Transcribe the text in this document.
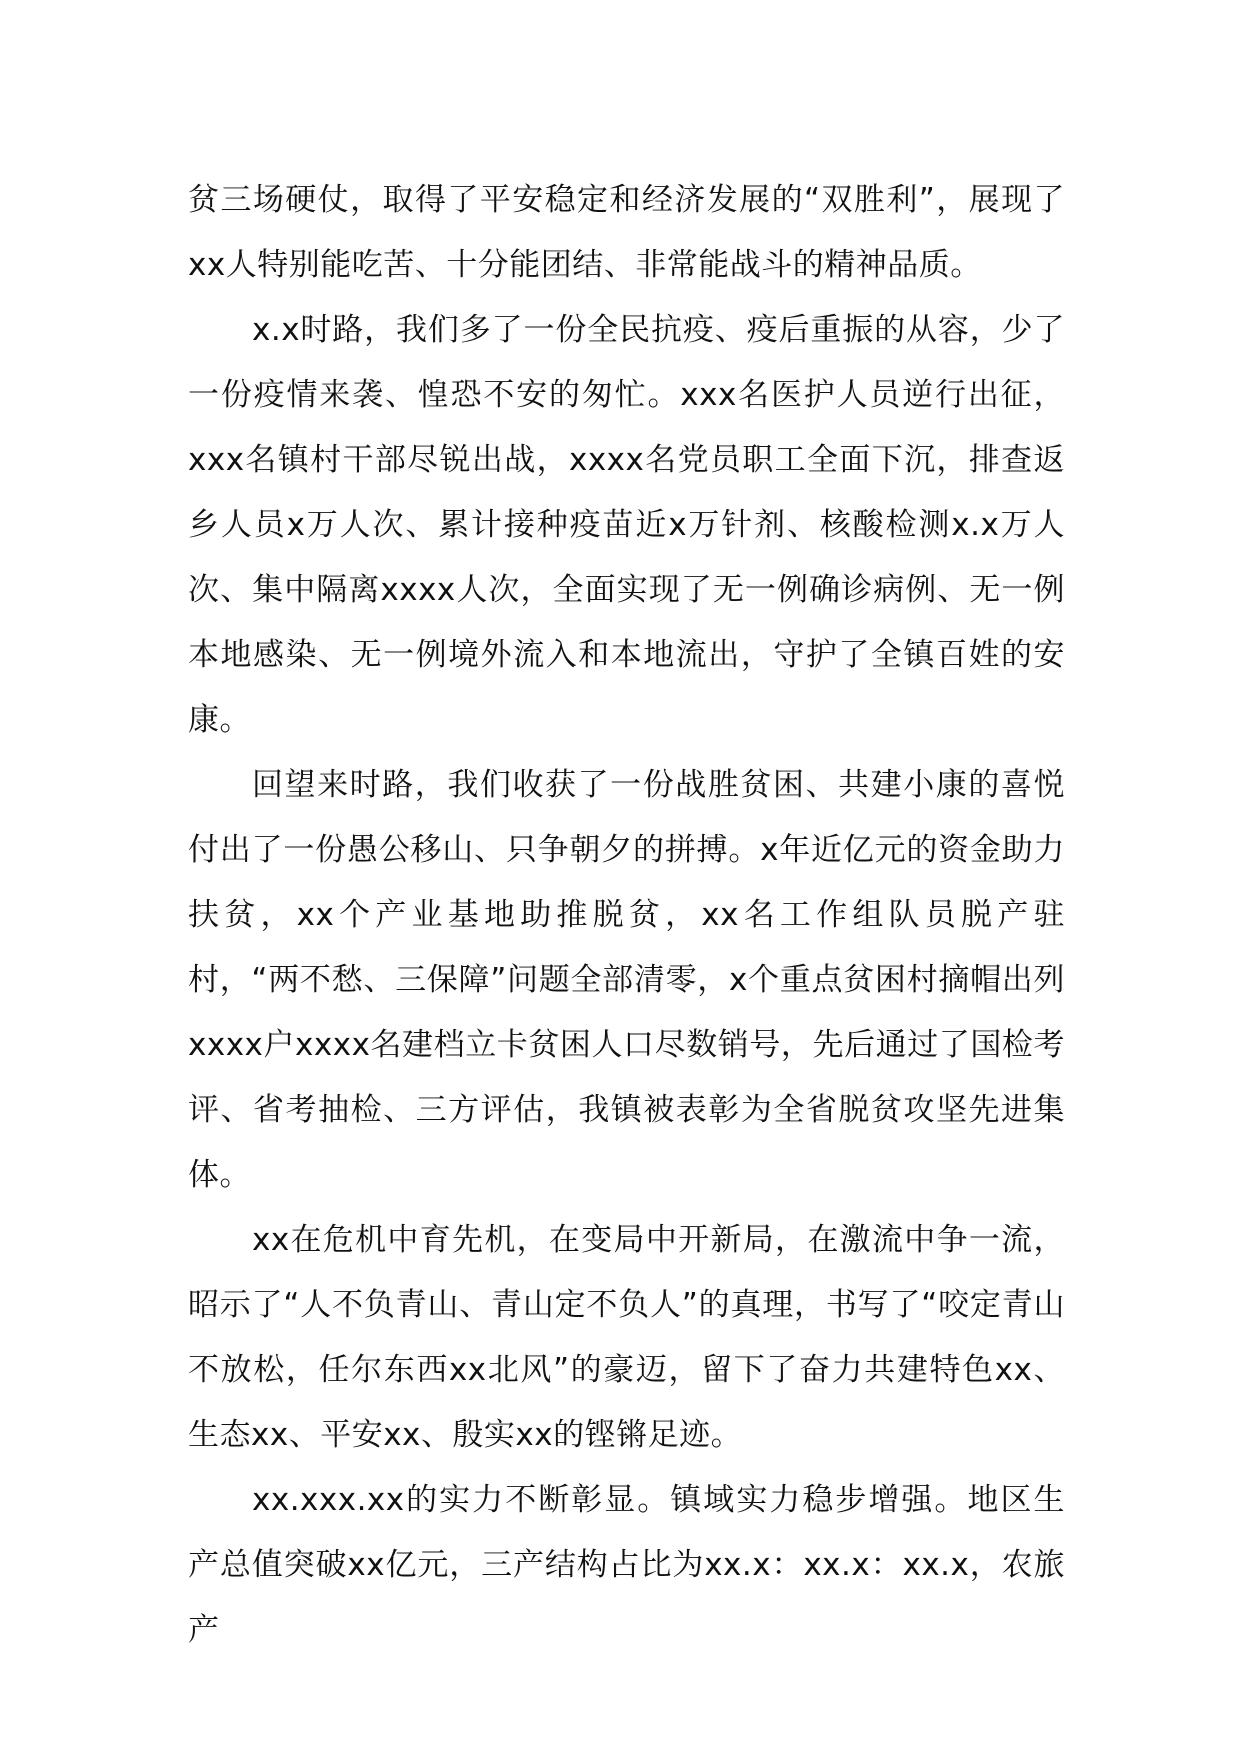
贫三场硬仗，取得了平安稳定和经济发展的“双胜利”，展现了xx人特别能吃苦、十分能团结、非常能战斗的精神品质。

x.x时路，我们多了一份全民抗疫、疫后重振的从容，少了一份疫情来袭、惶恐不安的匆忙。xxx名医护人员逆行出征，xxx名镇村干部尽锐出战，xxxx名党员职工全面下沉，排查返乡人员x万人次、累计接种疫苗近x万针剂、核酸检测x.x万人次、集中隔离xxxx人次，全面实现了无一例确诊病例、无一例本地感染、无一例境外流入和本地流出，守护了全镇百姓的安康。

回望来时路，我们收获了一份战胜贫困、共建小康的喜悦付出了一份愚公移山、只争朝夕的拼搏。x年近亿元的资金助力扶贫，xx个产业基地助推脱贫，xx名工作组队员脱产驻村，“两不愁、三保障”问题全部清零，x个重点贫困村摘帽出列xxxx户xxxx名建档立卡贫困人口尽数销号，先后通过了国检考评、省考抽检、三方评估，我镇被表彰为全省脱贫攻坚先进集体。

xx在危机中育先机，在变局中开新局，在激流中争一流，昭示了“人不负青山、青山定不负人”的真理，书写了“咬定青山不放松，任尔东西xx北风”的豪迈，留下了奋力共建特色xx、生态xx、平安xx、殷实xx的铿锵足迹。

xx.xxx.xx的实力不断彰显。镇域实力稳步增强。地区生产总值突破xx亿元，三产结构占比为xx.x：xx.x：xx.x，农旅产
